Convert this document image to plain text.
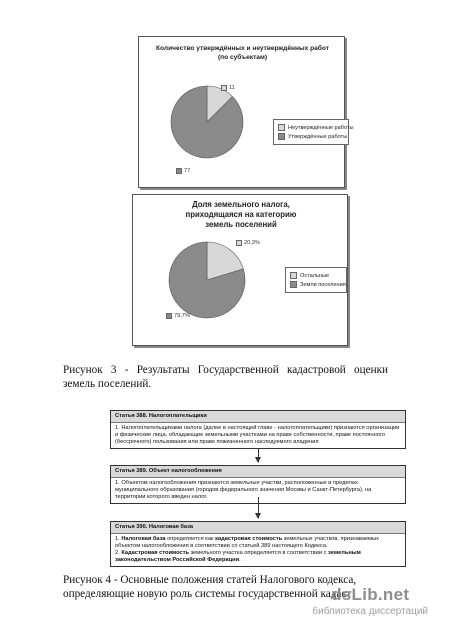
Количество утверждённых и неутверждённых работ (по субъектам)
11
77
Неутверждённые работы
Утверждённые работы
Доля земельного налога, приходящаяся на категорию земель поселений
20,3%
79,7%
Остальные
Земли поселения
Рисунок 3 - Результаты Государственной кадастровой оценки земель поселений.
Статья 388. Налогоплательщики
1. Налогоплательщиками налога (далее в настоящей главе - налогоплательщики) признаются организации и физические лица, обладающие земельными участками на праве собственности, праве постоянного (бессрочного) пользования или праве пожизненного наследуемого владения
Статья 389. Объект налогообложения
1. Объектом налогообложения признаются земельные участки, расположенные в пределах муниципального образования (городов федерального значения Москвы и Санкт-Петербурга), на территории которого введен налог.
Статья 390. Налоговая база
1. Налоговая база определяется как кадастровая стоимость земельных участков, признаваемых объектом налогообложения в соответствии со статьей 389 настоящего Кодекса.
2. Кадастровая стоимость земельного участка определяется в соответствии с земельным законодательством Российской Федерации.
Рисунок 4 - Основные положения статей Налогового кодекса, определяющие новую роль системы государственной кадаст
dsLib.net
библиотека диссертаций
